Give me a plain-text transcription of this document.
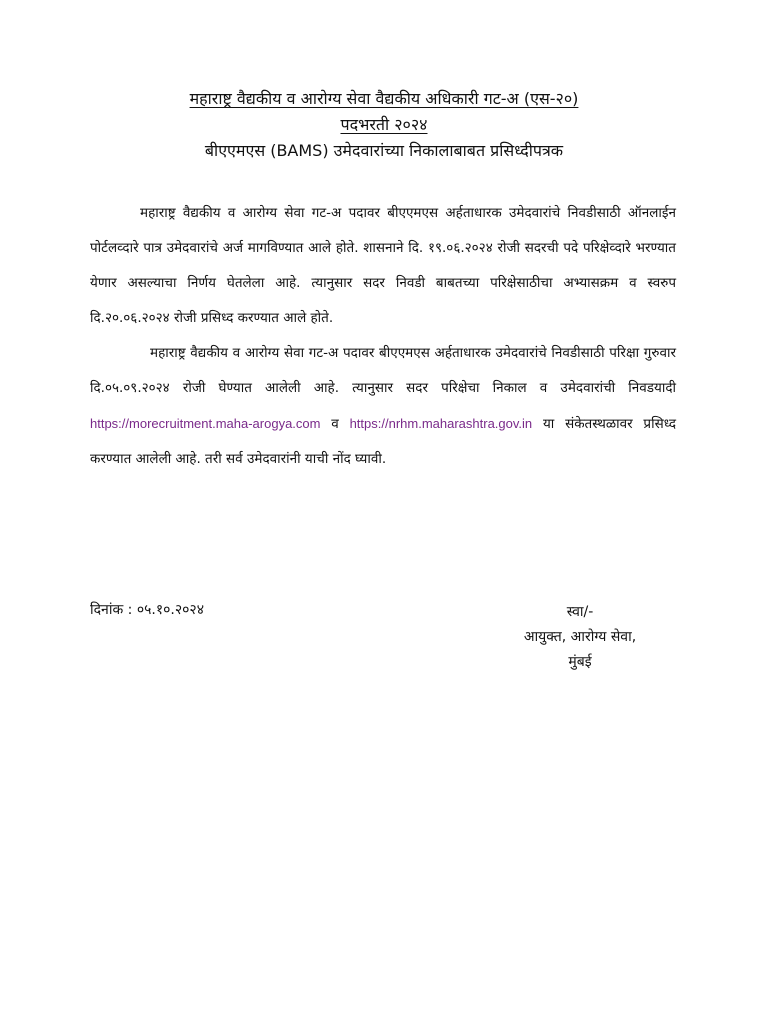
महाराष्ट्र वैद्यकीय व आरोग्य सेवा वैद्यकीय अधिकारी गट-अ (एस-२०)
पदभरती २०२४
बीएएमएस (BAMS) उमेदवारांच्या निकालाबाबत प्रसिध्दीपत्रक

महाराष्ट्र वैद्यकीय व आरोग्य सेवा गट-अ पदावर बीएएमएस अर्हताधारक उमेदवारांचे निवडीसाठी ऑनलाईन पोर्टलव्दारे पात्र उमेदवारांचे अर्ज मागविण्यात आले होते. शासनाने दि. १९.०६.२०२४ रोजी सदरची पदे परिक्षेव्दारे भरण्यात येणार असल्याचा निर्णय घेतलेला आहे. त्यानुसार सदर निवडी बाबतच्या परिक्षेसाठीचा अभ्यासक्रम व स्वरुप दि.२०.०६.२०२४ रोजी प्रसिध्द करण्यात आले होते.

महाराष्ट्र वैद्यकीय व आरोग्य सेवा गट-अ पदावर बीएएमएस अर्हताधारक उमेदवारांचे निवडीसाठी परिक्षा गुरुवार दि.०५.०९.२०२४ रोजी घेण्यात आलेली आहे. त्यानुसार सदर परिक्षेचा निकाल व उमेदवारांची निवडयादी https://morecruitment.maha-arogya.com व https://nrhm.maharashtra.gov.in या संकेतस्थळावर प्रसिध्द करण्यात आलेली आहे. तरी सर्व उमेदवारांनी याची नोंद घ्यावी.

दिनांक : ०५.१०.२०२४	स्वा/-
आयुक्त, आरोग्य सेवा,
मुंबई
